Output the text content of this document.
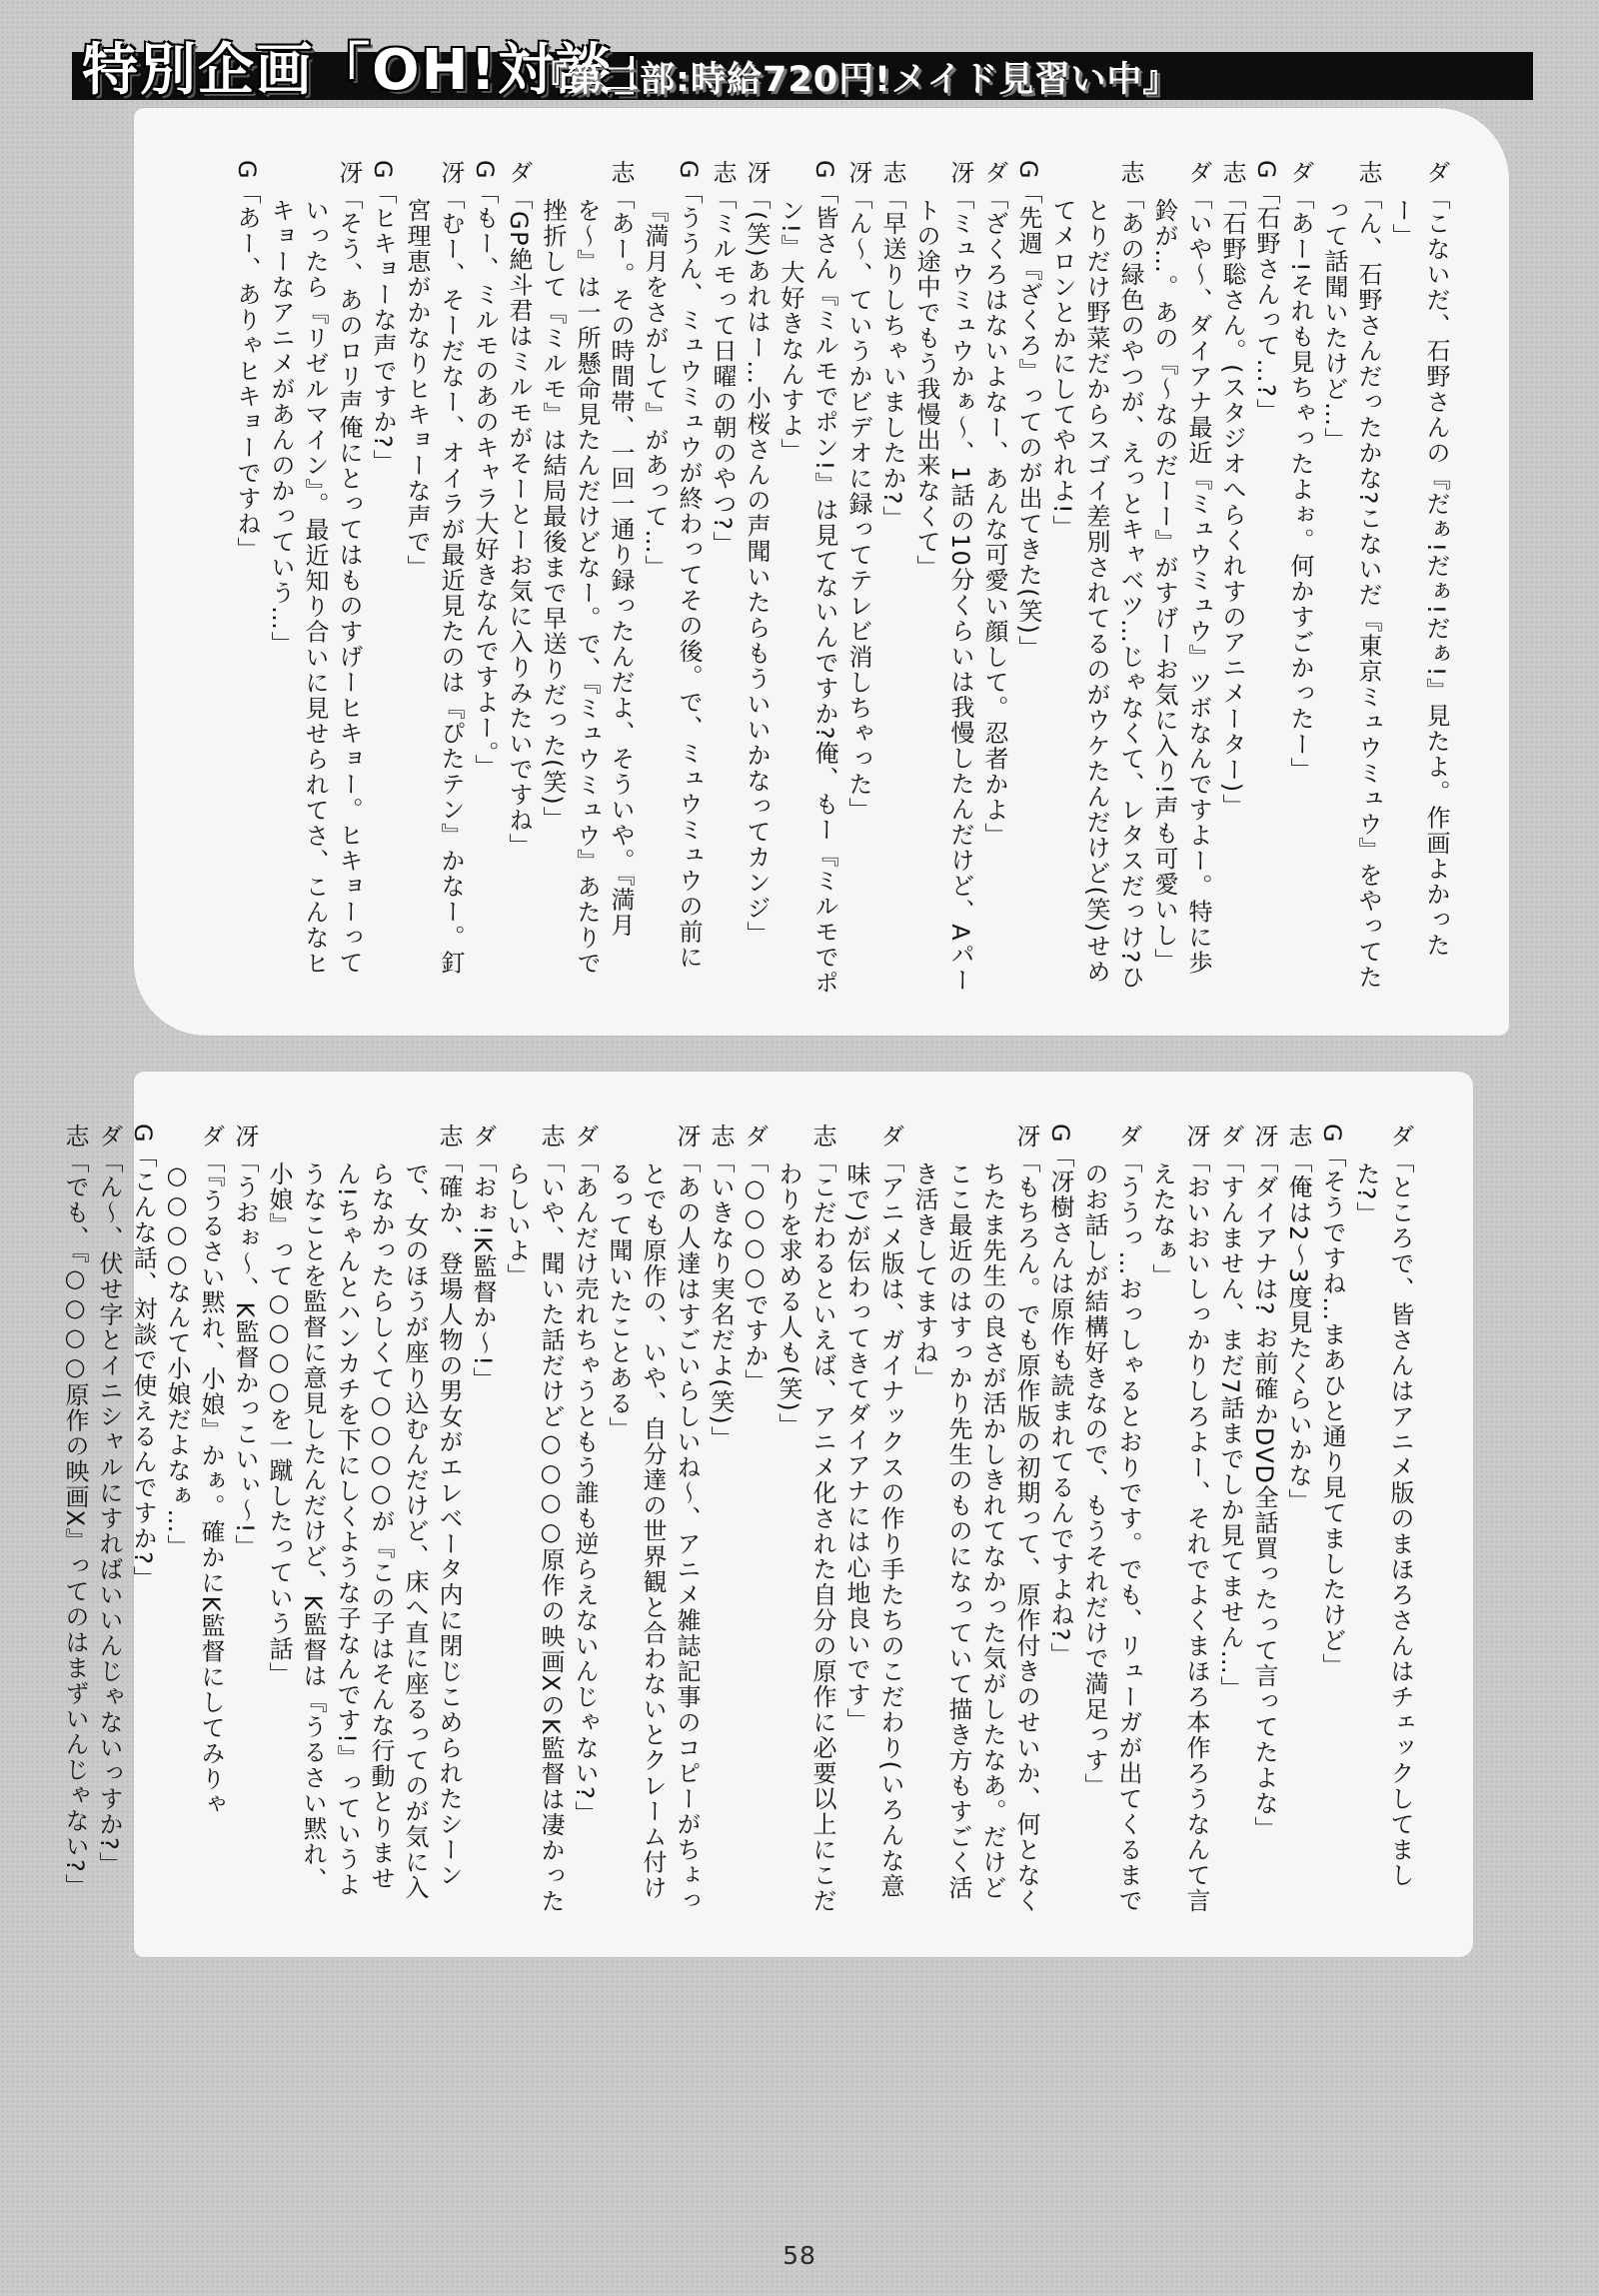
特別企画「OH!対談」
『第二部:時給720円!メイド見習い中』

ダ「こないだ、石野さんの『だぁ!だぁ!だぁ!』見たよ。作画よかったー」

志「ん、石野さんだったかな?こないだ『東京ミュウミュウ』をやってたって話聞いたけど…」

ダ「あー!それも見ちゃったよぉ。何かすごかったー」

G「石野さんって…?」

志「石野聡さん。(スタジオへらくれすのアニメーター)」

ダ「いや〜、ダイアナ最近『ミュウミュウ』ツボなんですよー。特に歩鈴が…。あの『〜なのだーー』がすげーお気に入り!声も可愛いし」

志「あの緑色のやつが、えっとキャベツ…じゃなくて、レタスだっけ?ひとりだけ野菜だからスゴイ差別されてるのがウケたんだけど(笑)せめてメロンとかにしてやれよ!」

G「先週『ざくろ』ってのが出てきた(笑)」

ダ「ざくろはないよなー、あんな可愛い顔して。忍者かよ」

冴「ミュウミュウかぁ〜、1話の10分くらいは我慢したんだけど、Aパートの途中でもう我慢出来なくて」

志「早送りしちゃいましたか?」

冴「ん〜、ていうかビデオに録ってテレビ消しちゃった」

G「皆さん『ミルモでポン!』は見てないんですか?俺、もー『ミルモでポン!』大好きなんすよ」

冴「(笑)あれはー…小桜さんの声聞いたらもういいかなってカンジ」

志「ミルモって日曜の朝のやつ?」

G「ううん、ミュウミュウが終わってその後。で、ミュウミュウの前に『満月をさがして』があって…」

志「あー。その時間帯、一回一通り録ったんだよ、そういや。『満月を〜』は一所懸命見たんだけどなー。で、『ミュウミュウ』あたりで挫折して『ミルモ』は結局最後まで早送りだった(笑)」

ダ「GP絶斗君はミルモがそーとーお気に入りみたいですね」

G「もー、ミルモのあのキャラ大好きなんですよー。」

冴「むー、そーだなー、オイラが最近見たのは『ぴたテン』かなー。釘宮理恵がかなりヒキョーな声で」

G「ヒキョーな声ですか?」

冴「そう、あのロリ声俺にとってはものすげーヒキョー。ヒキョーっていったら『リゼルマイン』。最近知り合いに見せられてさ、こんなヒキョーなアニメがあんのかっていう…」

G「あー、ありゃヒキョーですね」

ダ「ところで、皆さんはアニメ版のまほろさんはチェックしてました?」

G「そうですね…まあひと通り見てましたけど」

志「俺は2〜3度見たくらいかな」

冴「ダイアナは? お前確かDVD全話買ったって言ってたよな」

ダ「すんません、まだ7話までしか見てません…」

冴「おいおいしっかりしろよー、それでよくまほろ本作ろうなんて言えたなぁ」

ダ「ううっ…おっしゃるとおりです。でも、リューガが出てくるまでのお話しが結構好きなので、もうそれだけで満足っす」

G「冴樹さんは原作も読まれてるんですよね?」

冴「もちろん。でも原作版の初期って、原作付きのせいか、何となくちたま先生の良さが活かしきれてなかった気がしたなあ。だけどここ最近のはすっかり先生のものになっていて描き方もすごく活き活きしてますね」

ダ「アニメ版は、ガイナックスの作り手たちのこだわり(いろんな意味で)が伝わってきてダイアナには心地良いです」

志「こだわるといえば、アニメ化された自分の原作に必要以上にこだわりを求める人も(笑)」

ダ「○○○○ですか」

志「いきなり実名だよ(笑)」

冴「あの人達はすごいらしいね〜、アニメ雑誌記事のコピーがちょっとでも原作の、いや、自分達の世界観と合わないとクレーム付けるって聞いたことある」

ダ「あんだけ売れちゃうともう誰も逆らえないんじゃない?」

志「いや、聞いた話だけど○○○○原作の映画XのK監督は凄かったらしいよ」

ダ「おぉ!K監督か〜!」

志「確か、登場人物の男女がエレベータ内に閉じこめられたシーンで、女のほうが座り込むんだけど、床へ直に座るってのが気に入らなかったらしくて○○○○が『この子はそんな行動とりません!ちゃんとハンカチを下にしくような子なんです!』っていうようなことを監督に意見したんだけど、K監督は『うるさい黙れ、小娘』って○○○○を一蹴したっていう話」

冴「うおぉ〜、K監督かっこいぃ〜!」

ダ「『うるさい黙れ、小娘』かぁ。確かにK監督にしてみりゃ○○○○なんて小娘だよなぁ…」

G「こんな話、対談で使えるんですか?」

ダ「ん〜、伏せ字とイニシャルにすればいいんじゃないっすか?」

志「でも、『○○○○原作の映画X』ってのはまずいんじゃない?」

58
